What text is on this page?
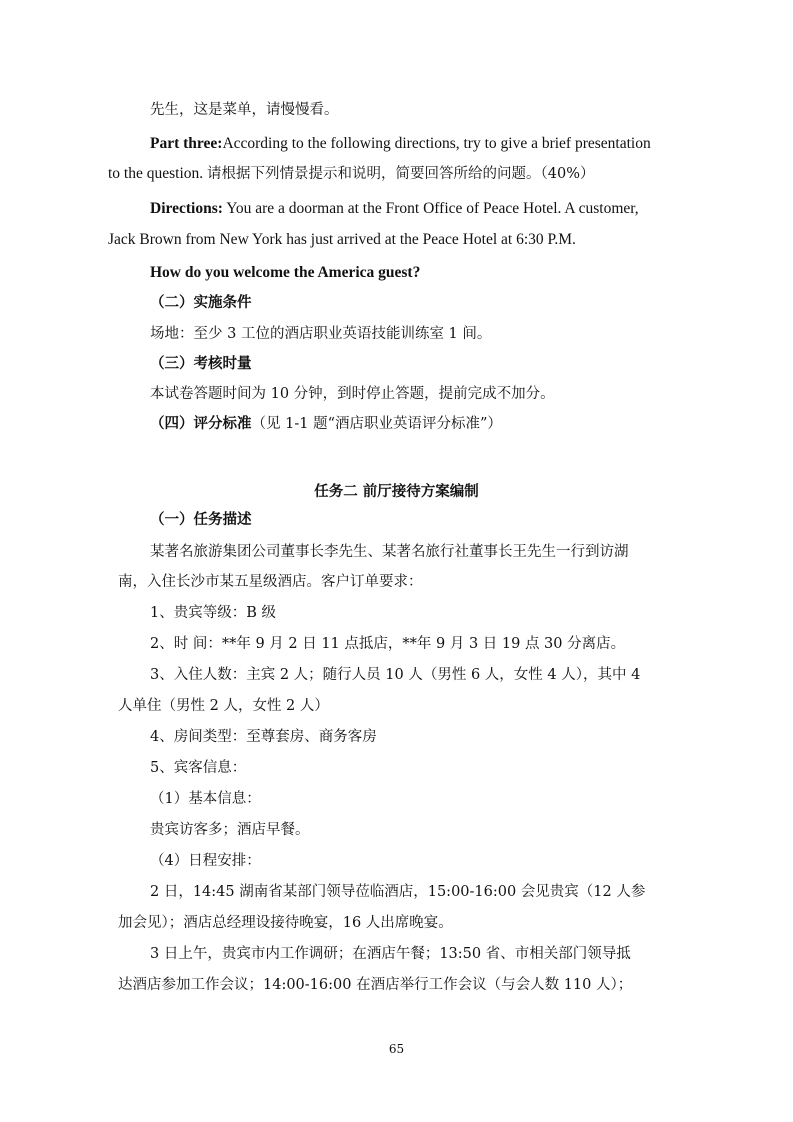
先生，这是菜单，请慢慢看。
Part three:According to the following directions, try to give a brief presentation
to the question. 请根据下列情景提示和说明，简要回答所给的问题。（40%）
Directions: You are a doorman at the Front Office of Peace Hotel. A customer,
Jack Brown from New York has just arrived at the Peace Hotel at 6:30 P.M.
How do you welcome the America guest?
（二）实施条件
场地：至少 3 工位的酒店职业英语技能训练室 1 间。
（三）考核时量
本试卷答题时间为 10 分钟，到时停止答题，提前完成不加分。
（四）评分标准（见 1-1 题“酒店职业英语评分标准”）
任务二 前厅接待方案编制
（一）任务描述
某著名旅游集团公司董事长李先生、某著名旅行社董事长王先生一行到访湖
南，入住长沙市某五星级酒店。客户订单要求：
1、贵宾等级：B 级
2、时 间：**年 9 月 2 日 11 点抵店，**年 9 月 3 日 19 点 30 分离店。
3、入住人数：主宾 2 人；随行人员 10 人（男性 6 人，女性 4 人），其中 4
人单住（男性 2 人，女性 2 人）
4、房间类型：至尊套房、商务客房
5、宾客信息：
（1）基本信息：
贵宾访客多；酒店早餐。
（4）日程安排：
2 日，14:45 湖南省某部门领导莅临酒店，15:00-16:00 会见贵宾（12 人参
加会见）；酒店总经理设接待晚宴，16 人出席晚宴。
3 日上午，贵宾市内工作调研；在酒店午餐；13:50 省、市相关部门领导抵
达酒店参加工作会议；14:00-16:00 在酒店举行工作会议（与会人数 110 人）；
65
